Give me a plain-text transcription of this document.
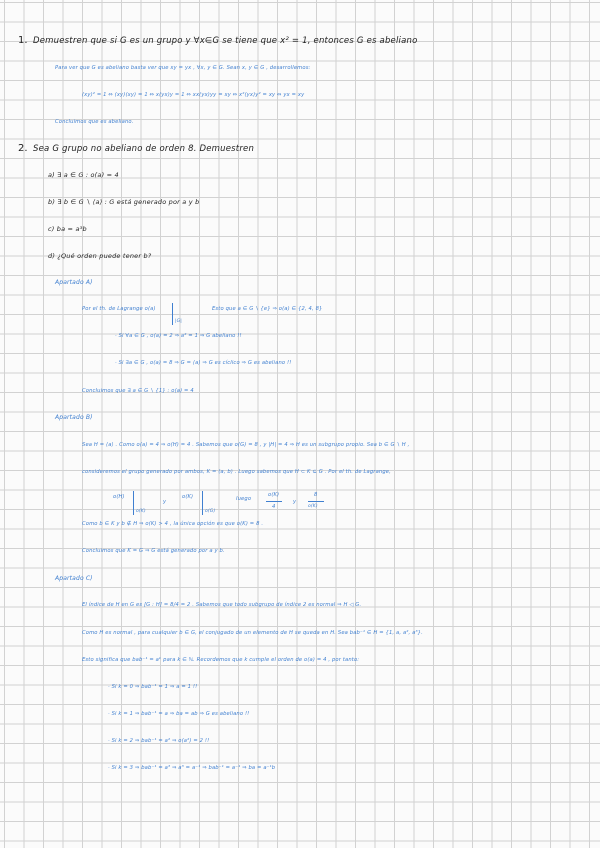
1. Demuestren que si G es un grupo y ∀x∈G se tiene que x² = 1, entonces G es abeliano
Para ver que G es abeliano basta ver que xy = yx , ∀x, y ∈ G. Sean x, y ∈ G , desarrollemos:
(xy)² = 1 ⇔ (xy)(xy) = 1 ⇔ x(yx)y = 1 ⇔ xx(yx)yy = xy ⇔ x²(yx)y² = xy ⇔ yx = xy
Concluimos que es abeliano.
2. Sea G grupo no abeliano de orden 8. Demuestren
a) ∃ a ∈ G : o(a) = 4
b) ∃ b ∈ G ∖ ⟨a⟩ : G está generado por a y b
c) ba = a³b
d) ¿Qué orden puede tener b?
Apartado A)
Por el th. de Lagrange o(a)
|G|
Esto que a ∈ G ∖ {e} ⇒ o(a) ∈ {2, 4, 8}
· Si ∀a ∈ G , o(a) = 2 ⇒ a² = 1 ⇒ G abeliano !!
· Si ∃a ∈ G , o(a) = 8 ⇒ G = ⟨a⟩ ⇒ G es cíclico ⇒ G es abeliano !!
Concluimos que ∃ a ∈ G ∖ {1} : o(a) = 4
Apartado B)
Sea H = ⟨a⟩ . Como o(a) = 4 ⇒ o(H) = 4 . Sabemos que o(G) = 8 , y |H| = 4 ⇒ H es un subgrupo propio. Sea b ∈ G ∖ H ,
consideremos el grupo generado por ambos, K = ⟨a, b⟩ . Luego sabemos que H ⊂ K ⊆ G . Por el th. de Lagrange,
o(H)
o(K)
y
o(K)
o(G)
luego
o(K)
4
y
8
o(K)
Como b ∈ K y b ∉ H ⇒ o(K) > 4 , la única opción es que o(K) = 8 .
Concluimos que K = G ⇒ G está generado por a y b.
Apartado C)
El índice de H en G es [G : H] = 8/4 = 2 . Sabemos que todo subgrupo de índice 2 es normal ⇒ H ◁ G.
Como H es normal , para cualquier b ∈ G, el conjugado de un elemento de H se queda en H. Sea bab⁻¹ ∈ H = {1, a, a², a³}.
Esto significa que bab⁻¹ = aᵏ para k ∈ ℕ. Recordemos que k cumple el orden de o(a) = 4 , por tanto:
· Si k = 0 ⇒ bab⁻¹ = 1 ⇒ a = 1 !!
· Si k = 1 ⇒ bab⁻¹ = a ⇒ ba = ab ⇒ G es abeliano !!
· Si k = 2 ⇒ bab⁻¹ = a² ⇒ o(a²) = 2 !!
· Si k = 3 ⇒ bab⁻¹ = a³ ⇒ a³ = a⁻¹ ⇒ bab⁻¹ = a⁻¹ ⇒ ba = a⁻¹b
